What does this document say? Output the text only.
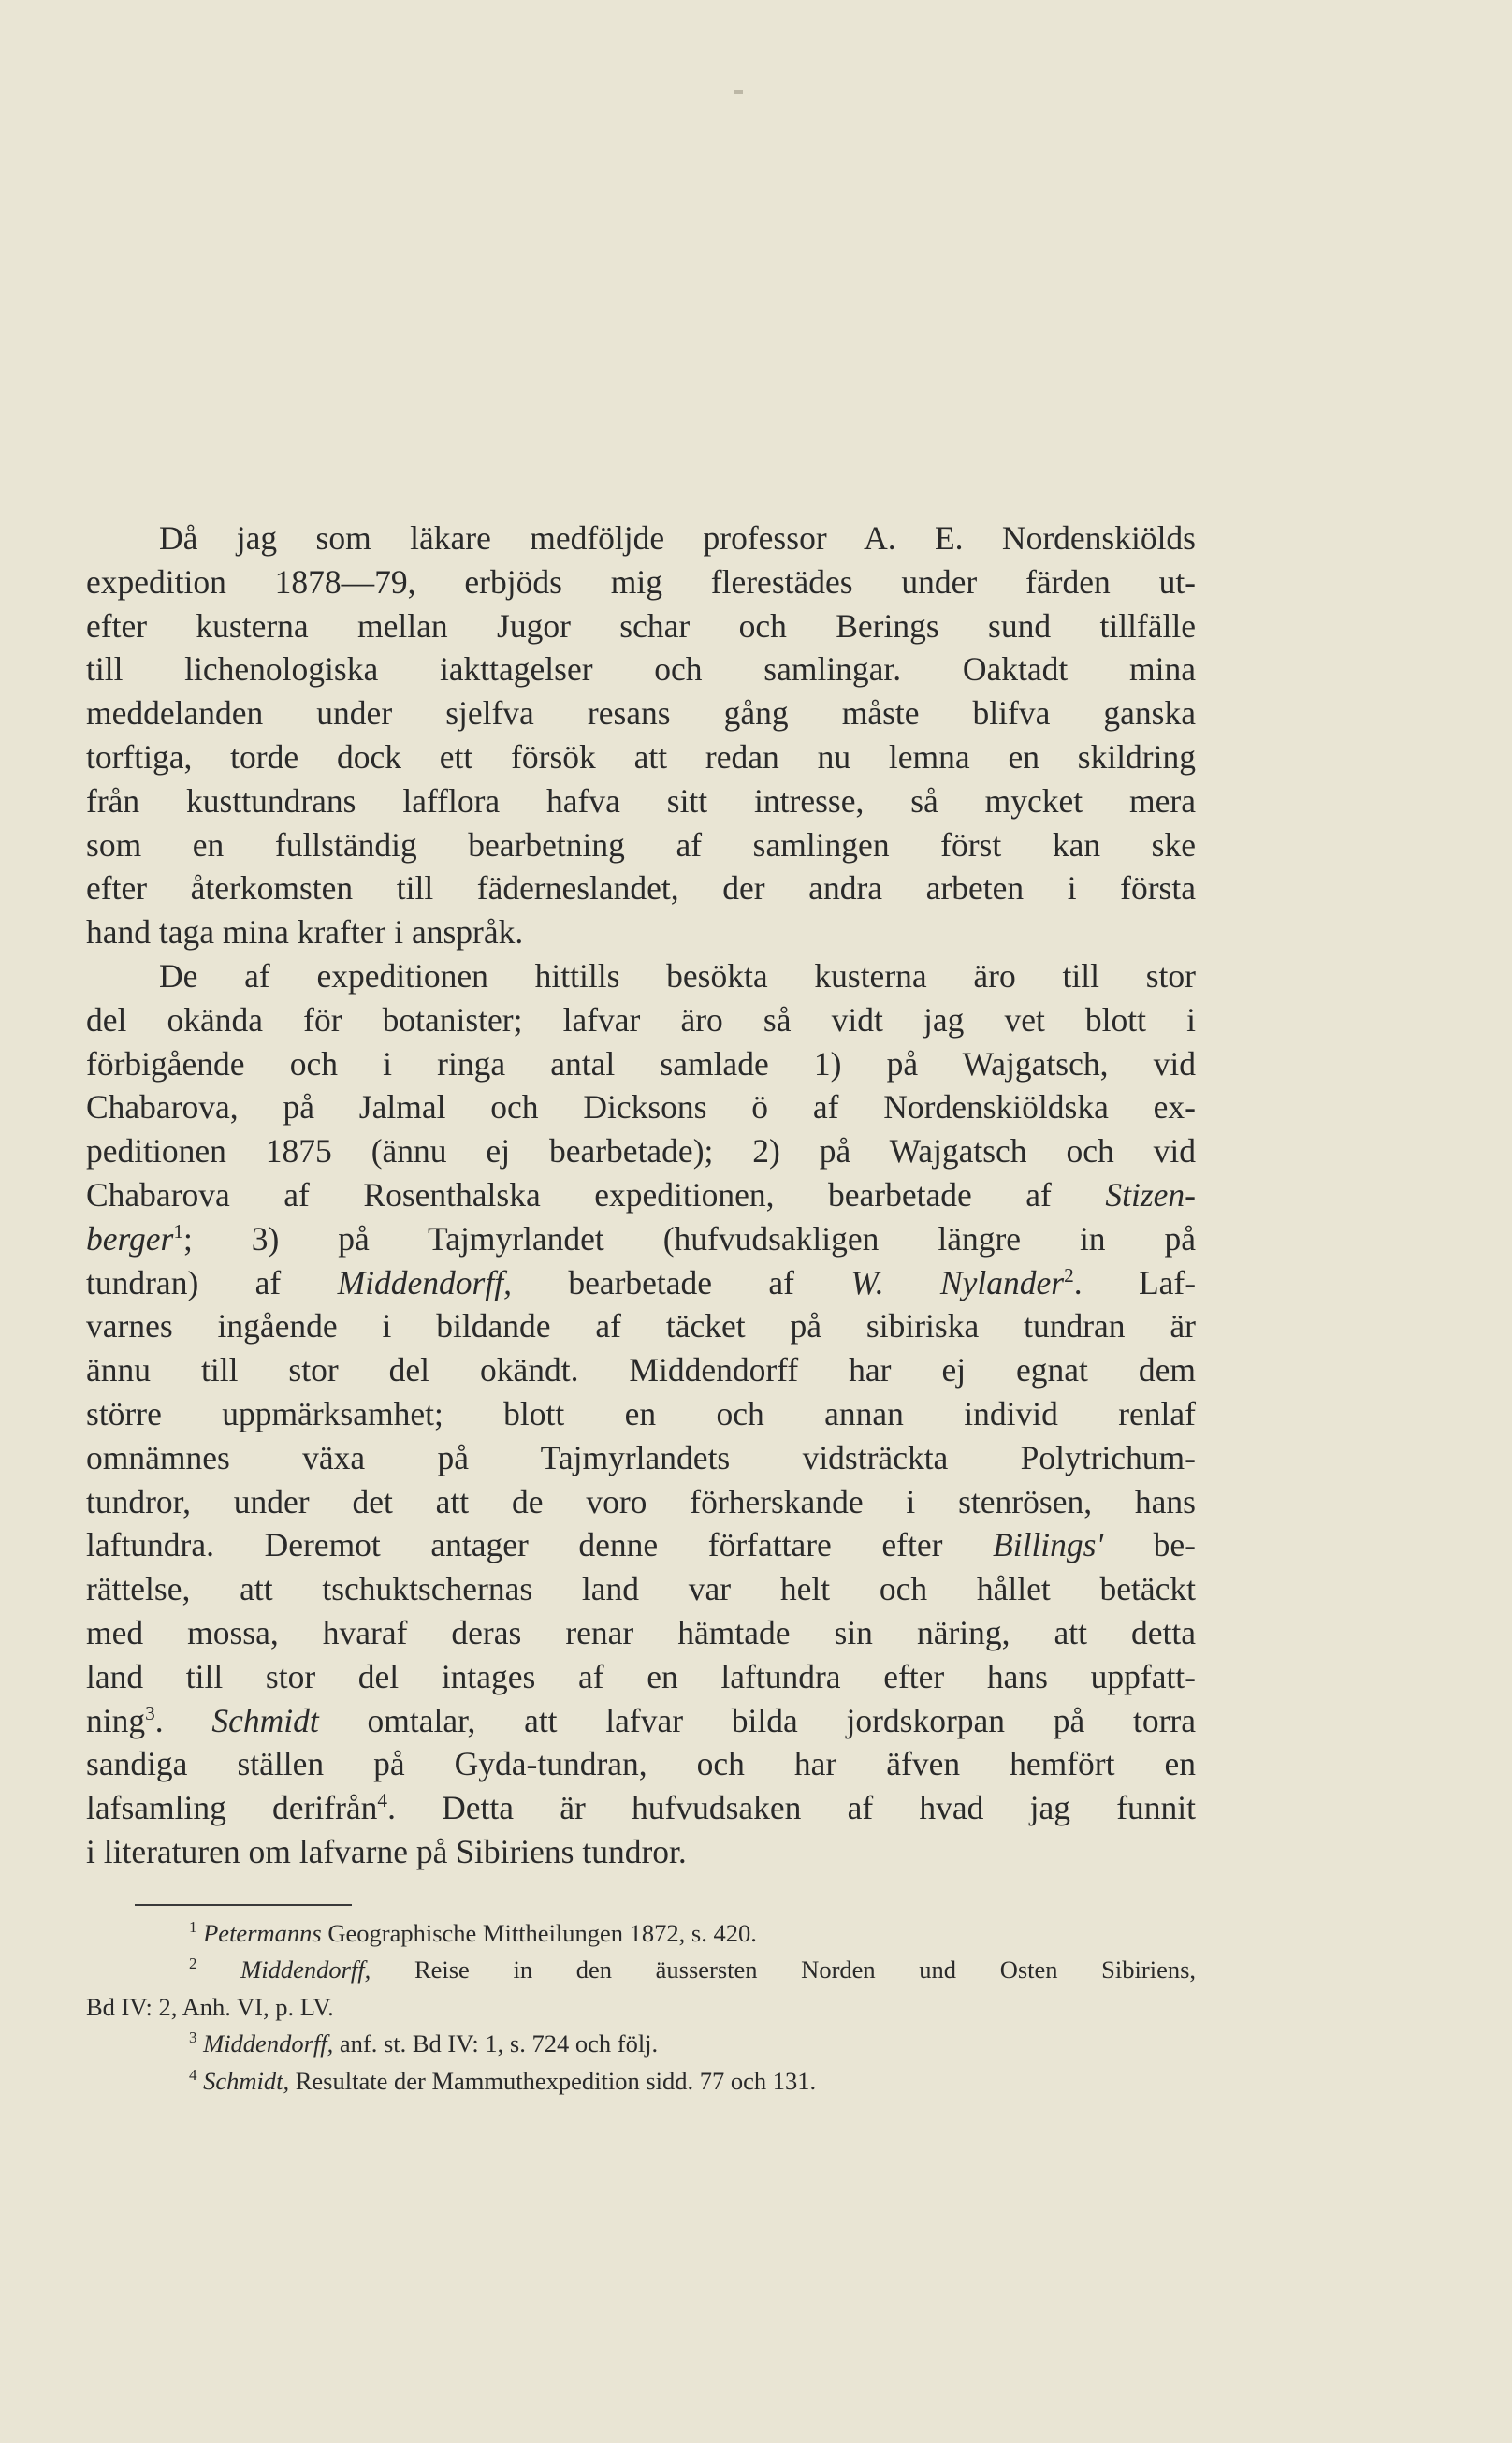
Då jag som läkare medföljde professor A. E. Nordenskiölds
expedition 1878—79, erbjöds mig flerestädes under färden ut-
efter kusterna mellan Jugor schar och Berings sund tillfälle
till lichenologiska iakttagelser och samlingar. Oaktadt mina
meddelanden under sjelfva resans gång måste blifva ganska
torftiga, torde dock ett försök att redan nu lemna en skildring
från kusttundrans lafflora hafva sitt intresse, så mycket mera
som en fullständig bearbetning af samlingen först kan ske
efter återkomsten till fäderneslandet, der andra arbeten i första
hand taga mina krafter i anspråk.
De af expeditionen hittills besökta kusterna äro till stor
del okända för botanister; lafvar äro så vidt jag vet blott i
förbigående och i ringa antal samlade 1) på Wajgatsch, vid
Chabarova, på Jalmal och Dicksons ö af Nordenskiöldska ex-
peditionen 1875 (ännu ej bearbetade); 2) på Wajgatsch och vid
Chabarova af Rosenthalska expeditionen, bearbetade af Stizen-
berger$^1$; 3) på Tajmyrlandet (hufvudsakligen längre in på
tundran) af Middendorff, bearbetade af W. Nylander$^2$. Laf-
varnes ingående i bildande af täcket på sibiriska tundran är
ännu till stor del okändt. Middendorff har ej egnat dem
större uppmärksamhet; blott en och annan individ renlaf
omnämnes växa på Tajmyrlandets vidsträckta Polytrichum-
tundror, under det att de voro förherskande i stenrösen, hans
laftundra. Deremot antager denne författare efter Billings' be-
rättelse, att tschuktschernas land var helt och hållet betäckt
med mossa, hvaraf deras renar hämtade sin näring, att detta
land till stor del intages af en laftundra efter hans uppfatt-
ning$^3$. Schmidt omtalar, att lafvar bilda jordskorpan på torra
sandiga ställen på Gyda-tundran, och har äfven hemfört en
lafsamling derifrån$^4$. Detta är hufvudsaken af hvad jag funnit
i literaturen om lafvarne på Sibiriens tundror.
$^1$ Petermanns Geographische Mittheilungen 1872, s. 420.
$^2$ Middendorff, Reise in den äussersten Norden und Osten Sibiriens,
Bd IV: 2, Anh. VI, p. LV.
$^3$ Middendorff, anf. st. Bd IV: 1, s. 724 och följ.
$^4$ Schmidt, Resultate der Mammuthexpedition sidd. 77 och 131.
